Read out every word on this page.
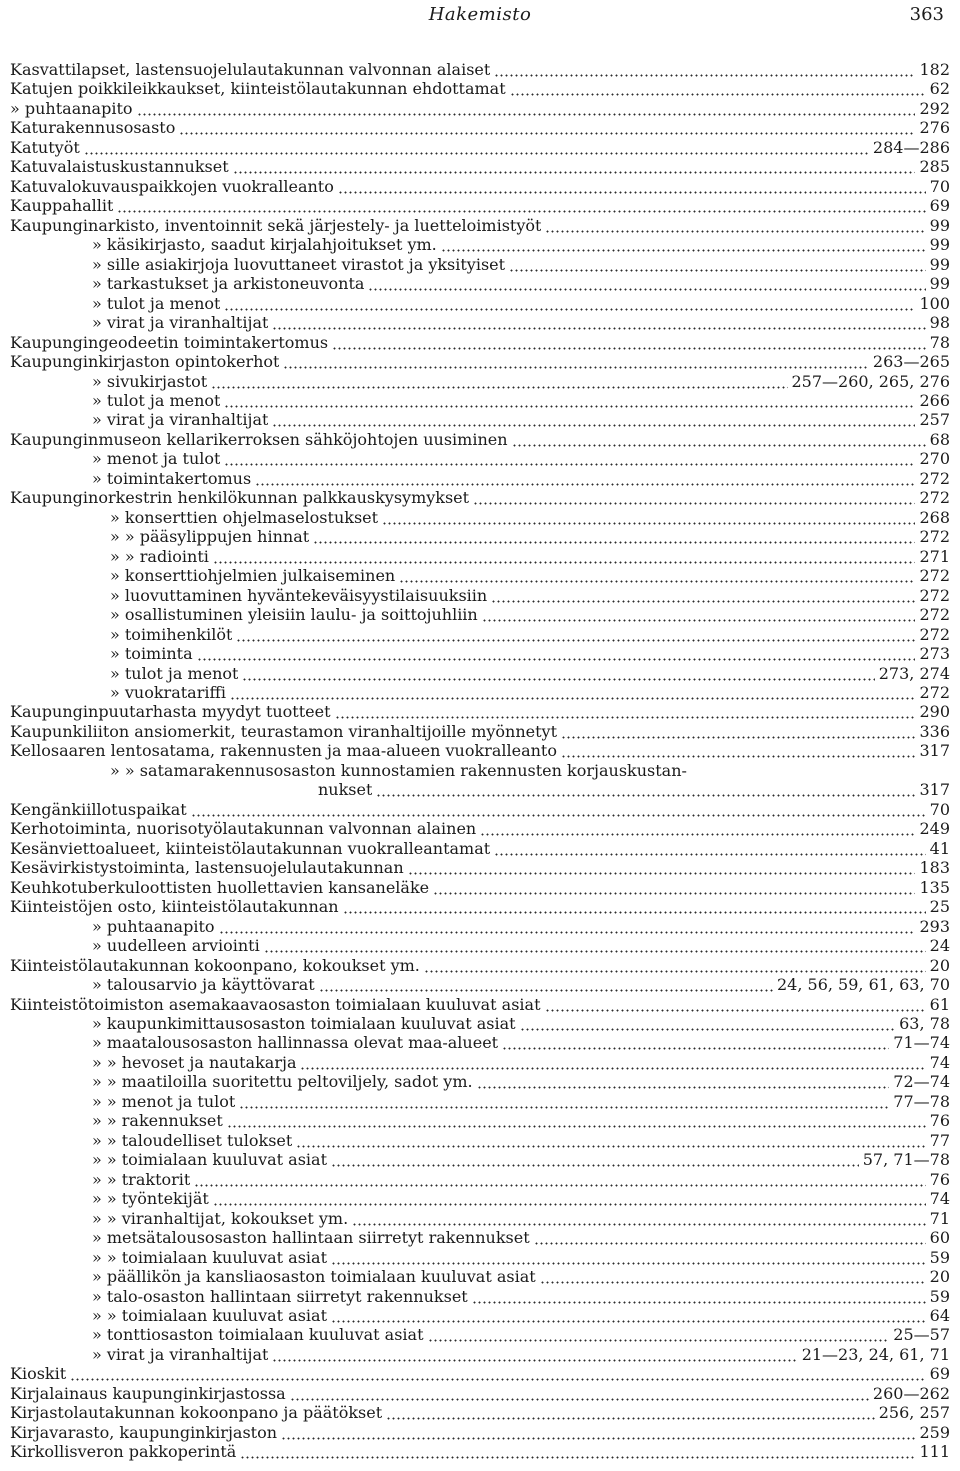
Hakemisto	363
Kasvattilapset, lastensuojelulautakunnan valvonnan alaiset	182
Katujen poikkileikkaukset, kiinteistölautakunnan ehdottamat	62
» puhtaanapito	292
Katurakennusosasto	276
Katutyöt	284—286
Katuvalaistuskustannukset	285
Katuvalokuvauspaikkojen vuokralleanto	70
Kauppahallit	69
Kaupunginarkisto, inventoinnit sekä järjestely- ja luetteloimistyöt	99
» käsikirjasto, saadut kirjalahjoitukset ym.	99
» sille asiakirjoja luovuttaneet virastot ja yksityiset	99
» tarkastukset ja arkistoneuvonta	99
» tulot ja menot	100
» virat ja viranhaltijat	98
Kaupungingeodeetin toimintakertomus	78
Kaupunginkirjaston opintokerhot	263—265
» sivukirjastot	257—260, 265, 276
» tulot ja menot	266
» virat ja viranhaltijat	257
Kaupunginmuseon kellarikerroksen sähköjohtojen uusiminen	68
» menot ja tulot	270
» toimintakertomus	272
Kaupunginorkestrin henkilökunnan palkkauskysymykset	272
» konserttien ohjelmaselostukset	268
» » pääsylippujen hinnat	272
» » radiointi	271
» konserttiohjelmien julkaiseminen	272
» luovuttaminen hyväntekeväisyystilaisuuksiin	272
» osallistuminen yleisiin laulu- ja soittojuhliin	272
» toimihenkilöt	272
» toiminta	273
» tulot ja menot	273, 274
» vuokratariffi	272
Kaupunginpuutarhasta myydyt tuotteet	290
Kaupunkiliiton ansiomerkit, teurastamon viranhaltijoille myönnetyt	336
Kellosaaren lentosatama, rakennusten ja maa-alueen vuokralleanto	317
» » satamarakennusosaston kunnostamien rakennusten korjauskustan-
nukset	317
Kengänkiillotuspaikat	70
Kerhotoiminta, nuorisotyölautakunnan valvonnan alainen	249
Kesänviettoalueet, kiinteistölautakunnan vuokralleantamat	41
Kesävirkistystoiminta, lastensuojelulautakunnan	183
Keuhkotuberkuloottisten huollettavien kansaneläke	135
Kiinteistöjen osto, kiinteistölautakunnan	25
» puhtaanapito	293
» uudelleen arviointi	24
Kiinteistölautakunnan kokoonpano, kokoukset ym.	20
» talousarvio ja käyttövarat	24, 56, 59, 61, 63, 70
Kiinteistötoimiston asemakaavaosaston toimialaan kuuluvat asiat	61
» kaupunkimittausosaston toimialaan kuuluvat asiat	63, 78
» maatalousosaston hallinnassa olevat maa-alueet	71—74
» » hevoset ja nautakarja	74
» » maatiloilla suoritettu peltoviljely, sadot ym.	72—74
» » menot ja tulot	77—78
» » rakennukset	76
» » taloudelliset tulokset	77
» » toimialaan kuuluvat asiat	57, 71—78
» » traktorit	76
» » työntekijät	74
» » viranhaltijat, kokoukset ym.	71
» metsätalousosaston hallintaan siirretyt rakennukset	60
» » toimialaan kuuluvat asiat	59
» päällikön ja kansliaosaston toimialaan kuuluvat asiat	20
» talo-osaston hallintaan siirretyt rakennukset	59
» » toimialaan kuuluvat asiat	64
» tonttiosaston toimialaan kuuluvat asiat	25—57
» virat ja viranhaltijat	21—23, 24, 61, 71
Kioskit	69
Kirjalainaus kaupunginkirjastossa	260—262
Kirjastolautakunnan kokoonpano ja päätökset	256, 257
Kirjavarasto, kaupunginkirjaston	259
Kirkollisveron pakkoperintä	111
